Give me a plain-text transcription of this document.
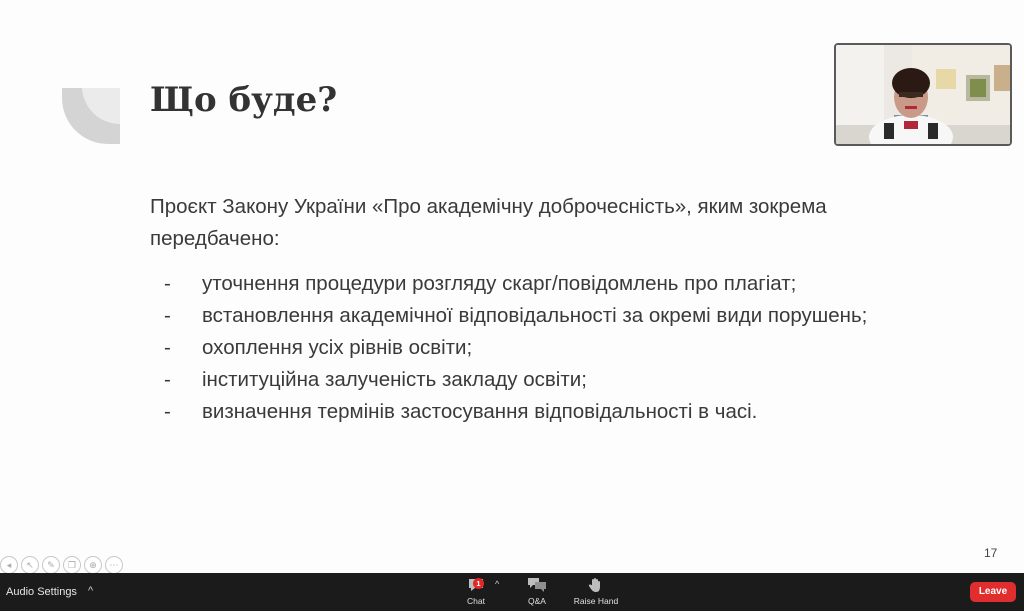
Що буде?
Проєкт Закону України «Про академічну доброчесність», яким зокрема передбачено:
- уточнення процедури розгляду скарг/повідомлень про плагіат;
- встановлення академічної відповідальності за окремі види порушень;
- охоплення усіх рівнів освіти;
- інституційна залученість закладу освіти;
- визначення термінів застосування відповідальності в часі.
17
◂	↖	✎	❐	⊕	⋯
Audio Settings ^
1
Chat
^
Q&A	Raise Hand
Leave
